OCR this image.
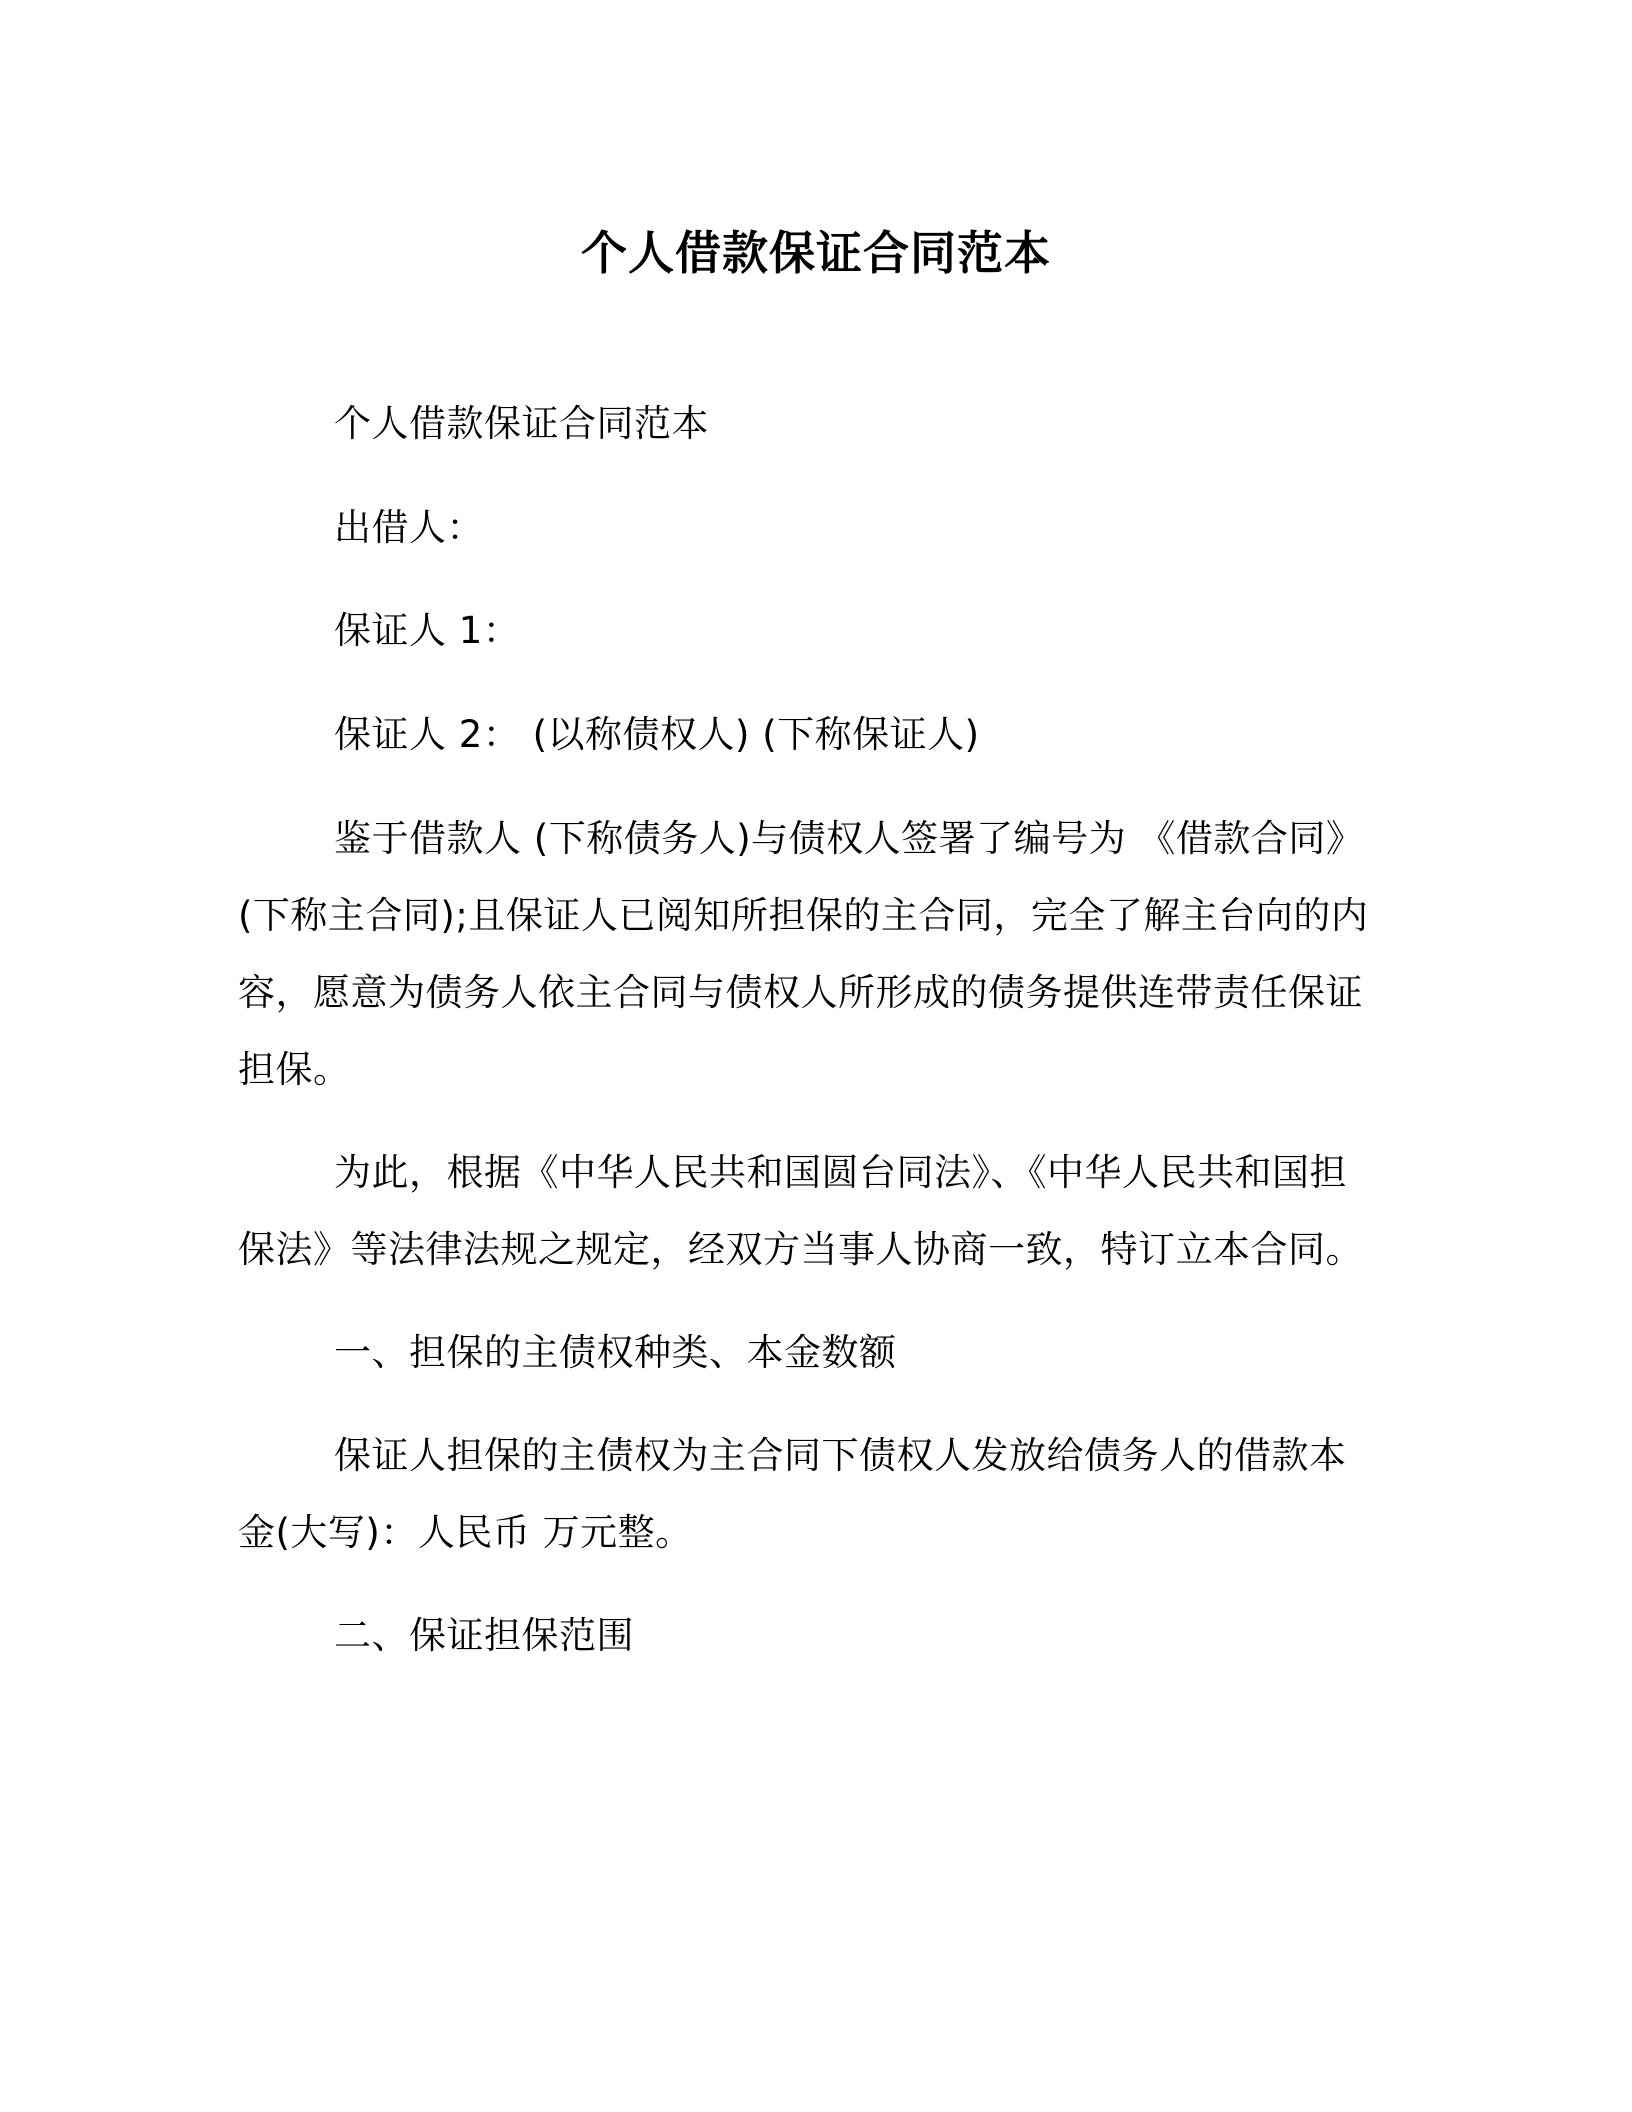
个人借款保证合同范本

个人借款保证合同范本

出借人：

保证人 1：

保证人 2： (以称债权人) (下称保证人)

鉴于借款人 (下称债务人)与债权人签署了编号为 《借款合同》(下称主合同);且保证人已阅知所担保的主合同，完全了解主台向的内容，愿意为债务人依主合同与债权人所形成的债务提供连带责任保证担保。

为此，根据《中华人民共和国圆台同法》、《中华人民共和国担保法》等法律法规之规定，经双方当事人协商一致，特订立本合同。

一、担保的主债权种类、本金数额

保证人担保的主债权为主合同下债权人发放给债务人的借款本金(大写)：人民币 万元整。

二、保证担保范围
